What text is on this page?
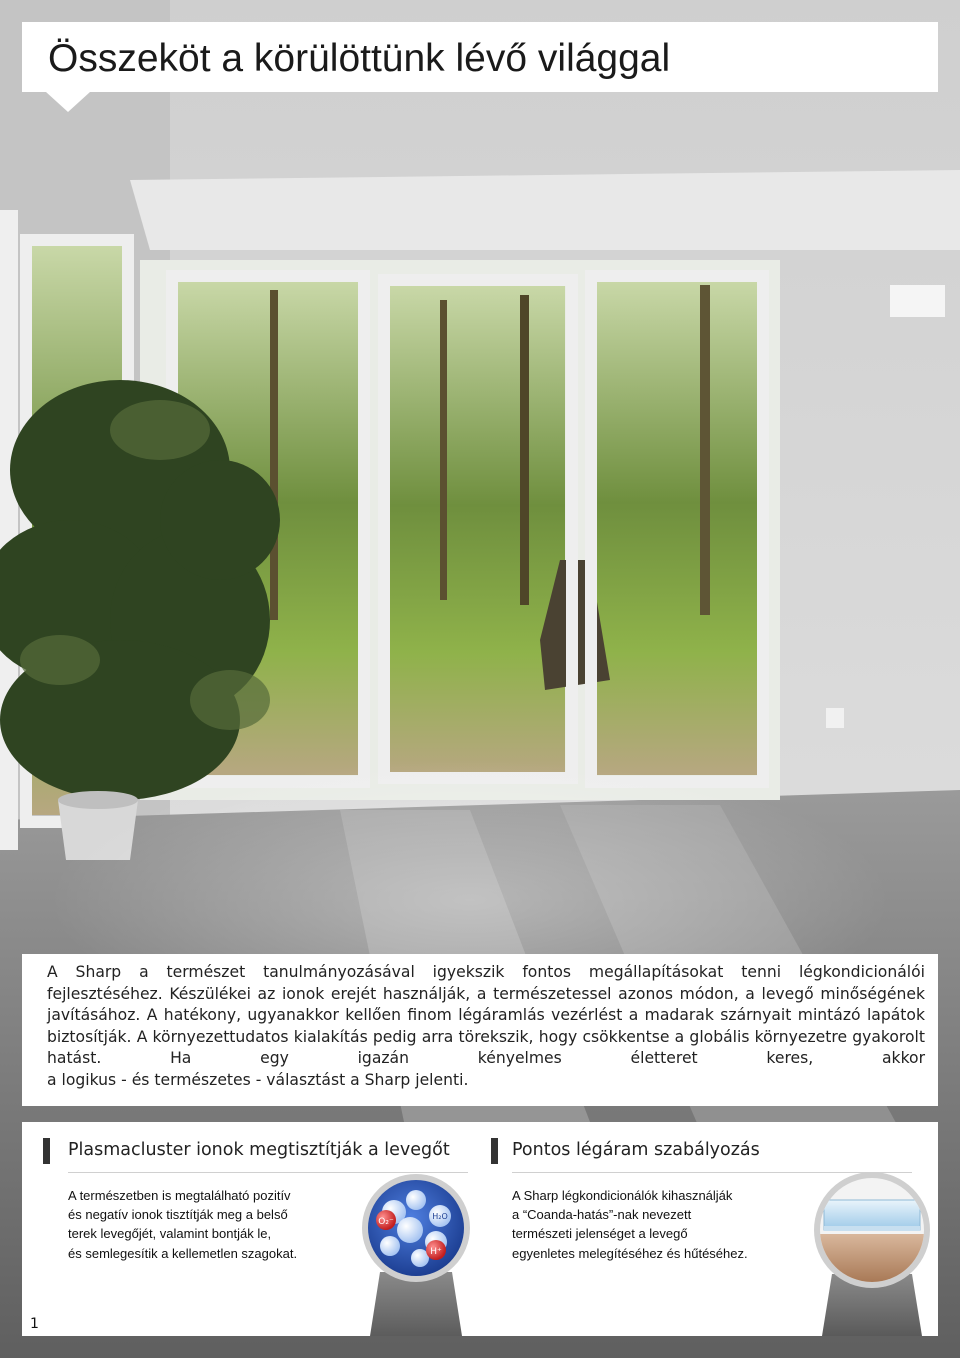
Összeköt a körülöttünk lévő világgal

A Sharp a természet tanulmányozásával igyekszik fontos megállapításokat tenni légkondicionálói fejlesztéséhez. Készülékei az ionok erejét használják, a természetessel azonos módon, a levegő minőségének javításához. A hatékony, ugyanakkor kellően finom légáramlás vezérlést a madarak szárnyait mintázó lapátok biztosítják. A környezettudatos kialakítás pedig arra törekszik, hogy csökkentse a globális környezetre gyakorolt hatást. Ha egy igazán kényelmes életteret keres, akkor
a logikus - és természetes - választást a Sharp jelenti.

Plasmacluster ionok megtisztítják a levegőt

A természetben is megtalálható pozitív
és negatív ionok tisztítják meg a belső
terek levegőjét, valamint bontják le,
és semlegesítik a kellemetlen szagokat.

O₂⁻
H₂O
H⁺
Pontos légáram szabályozás

A Sharp légkondicionálók kihasználják
a “Coanda-hatás”-nak nevezett
természeti jelenséget a levegő
egyenletes melegítéséhez és hűtéséhez.

1
